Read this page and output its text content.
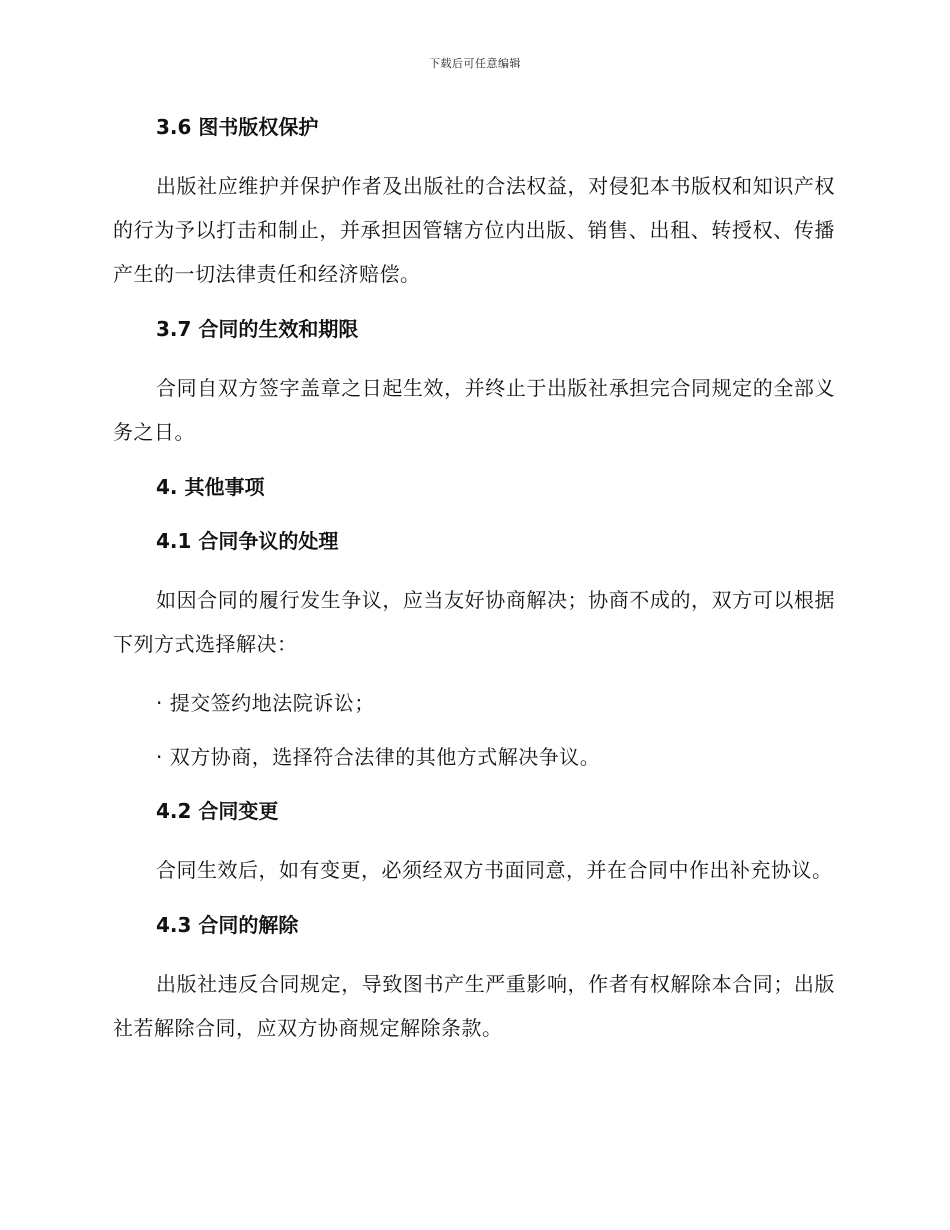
下载后可任意编辑
3.6 图书版权保护

出版社应维护并保护作者及出版社的合法权益，对侵犯本书版权和知识产权的行为予以打击和制止，并承担因管辖方位内出版、销售、出租、转授权、传播产生的一切法律责任和经济赔偿。

3.7 合同的生效和期限

合同自双方签字盖章之日起生效，并终止于出版社承担完合同规定的全部义务之日。

4. 其他事项
4.1 合同争议的处理

如因合同的履行发生争议，应当友好协商解决；协商不成的，双方可以根据下列方式选择解决：

· 提交签约地法院诉讼；

· 双方协商，选择符合法律的其他方式解决争议。

4.2 合同变更

合同生效后，如有变更，必须经双方书面同意，并在合同中作出补充协议。

4.3 合同的解除

出版社违反合同规定，导致图书产生严重影响，作者有权解除本合同；出版社若解除合同，应双方协商规定解除条款。
